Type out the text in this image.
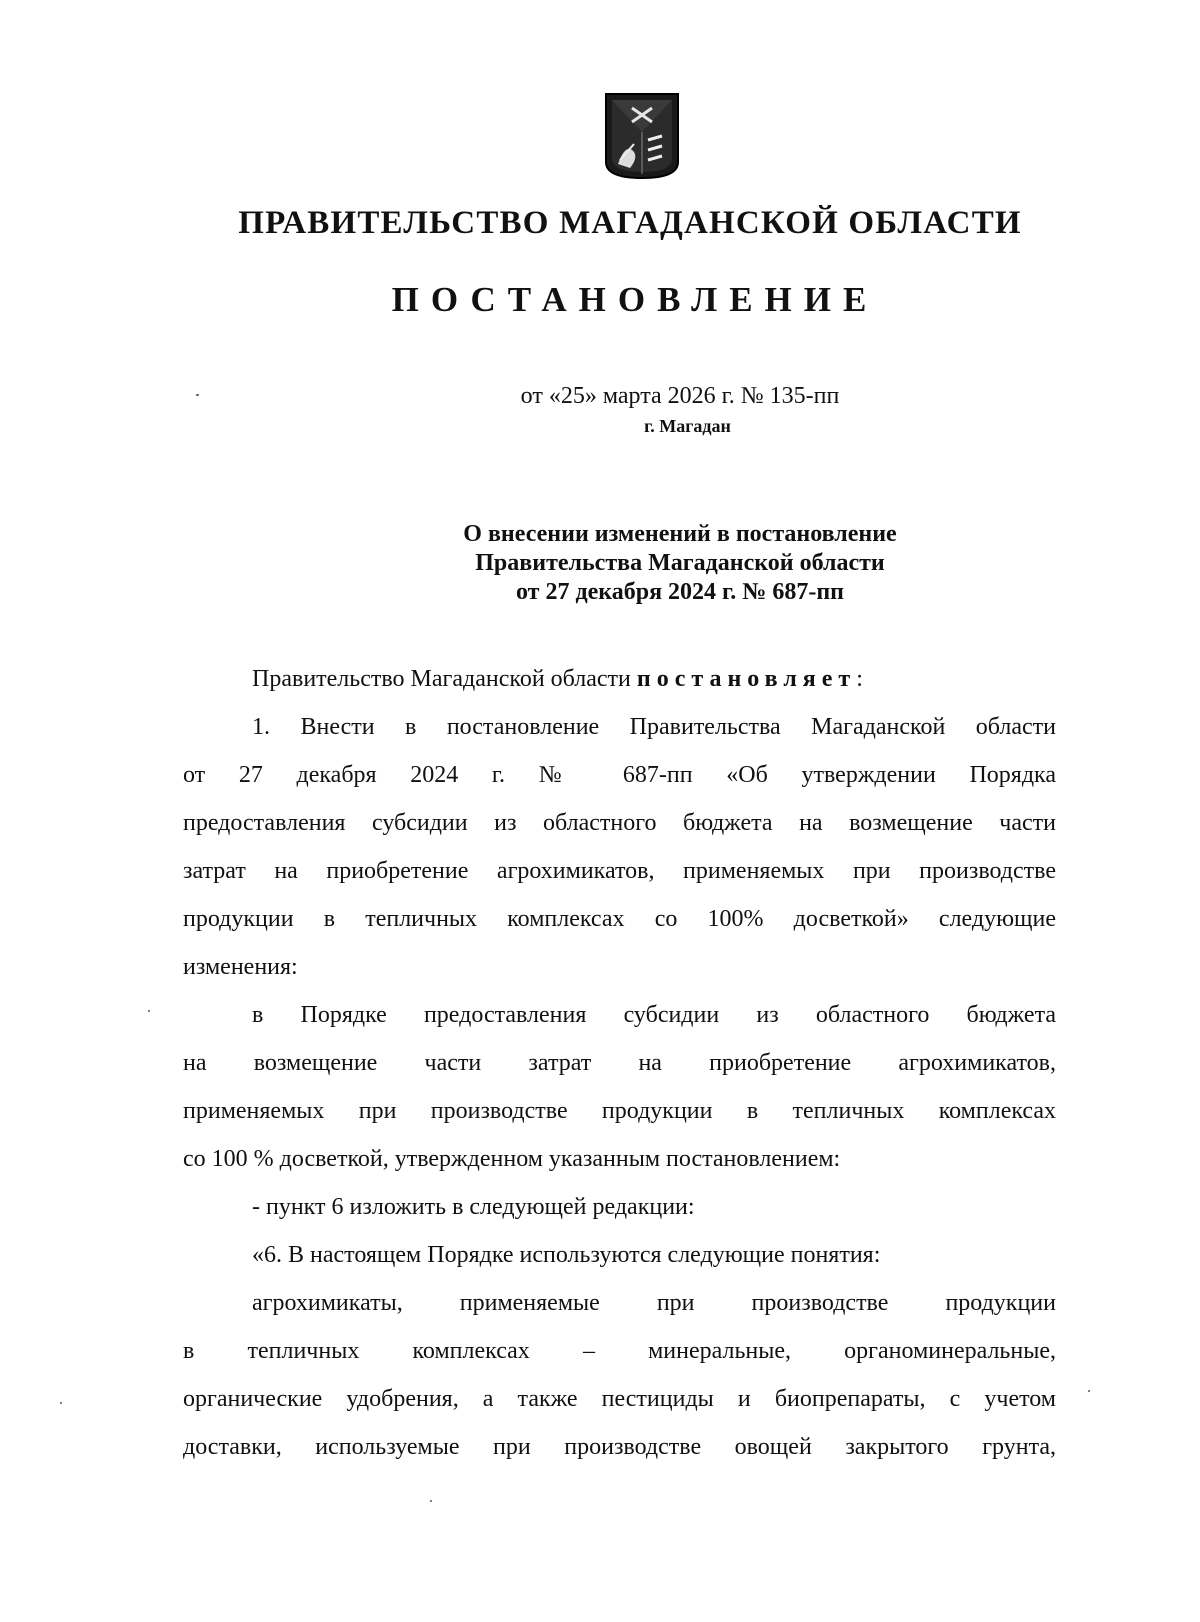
ПРАВИТЕЛЬСТВО МАГАДАНСКОЙ ОБЛАСТИ
ПОСТАНОВЛЕНИЕ
от «25» марта 2026 г. № 135-пп
г. Магадан
О внесении изменений в постановление
Правительства Магаданской области
от 27 декабря 2024 г. № 687-пп
Правительство Магаданской области постановляет:
1. Внести в постановление Правительства Магаданской области
от 27 декабря 2024 г. № 687-пп «Об утверждении Порядка
предоставления субсидии из областного бюджета на возмещение части
затрат на приобретение агрохимикатов, применяемых при производстве
продукции в тепличных комплексах со 100% досветкой» следующие
изменения:
в Порядке предоставления субсидии из областного бюджета
на возмещение части затрат на приобретение агрохимикатов,
применяемых при производстве продукции в тепличных комплексах
со 100 % досветкой, утвержденном указанным постановлением:
- пункт 6 изложить в следующей редакции:
«6. В настоящем Порядке используются следующие понятия:
агрохимикаты, применяемые при производстве продукции
в тепличных комплексах – минеральные, органоминеральные,
органические удобрения, а также пестициды и биопрепараты, с учетом
доставки, используемые при производстве овощей закрытого грунта,
